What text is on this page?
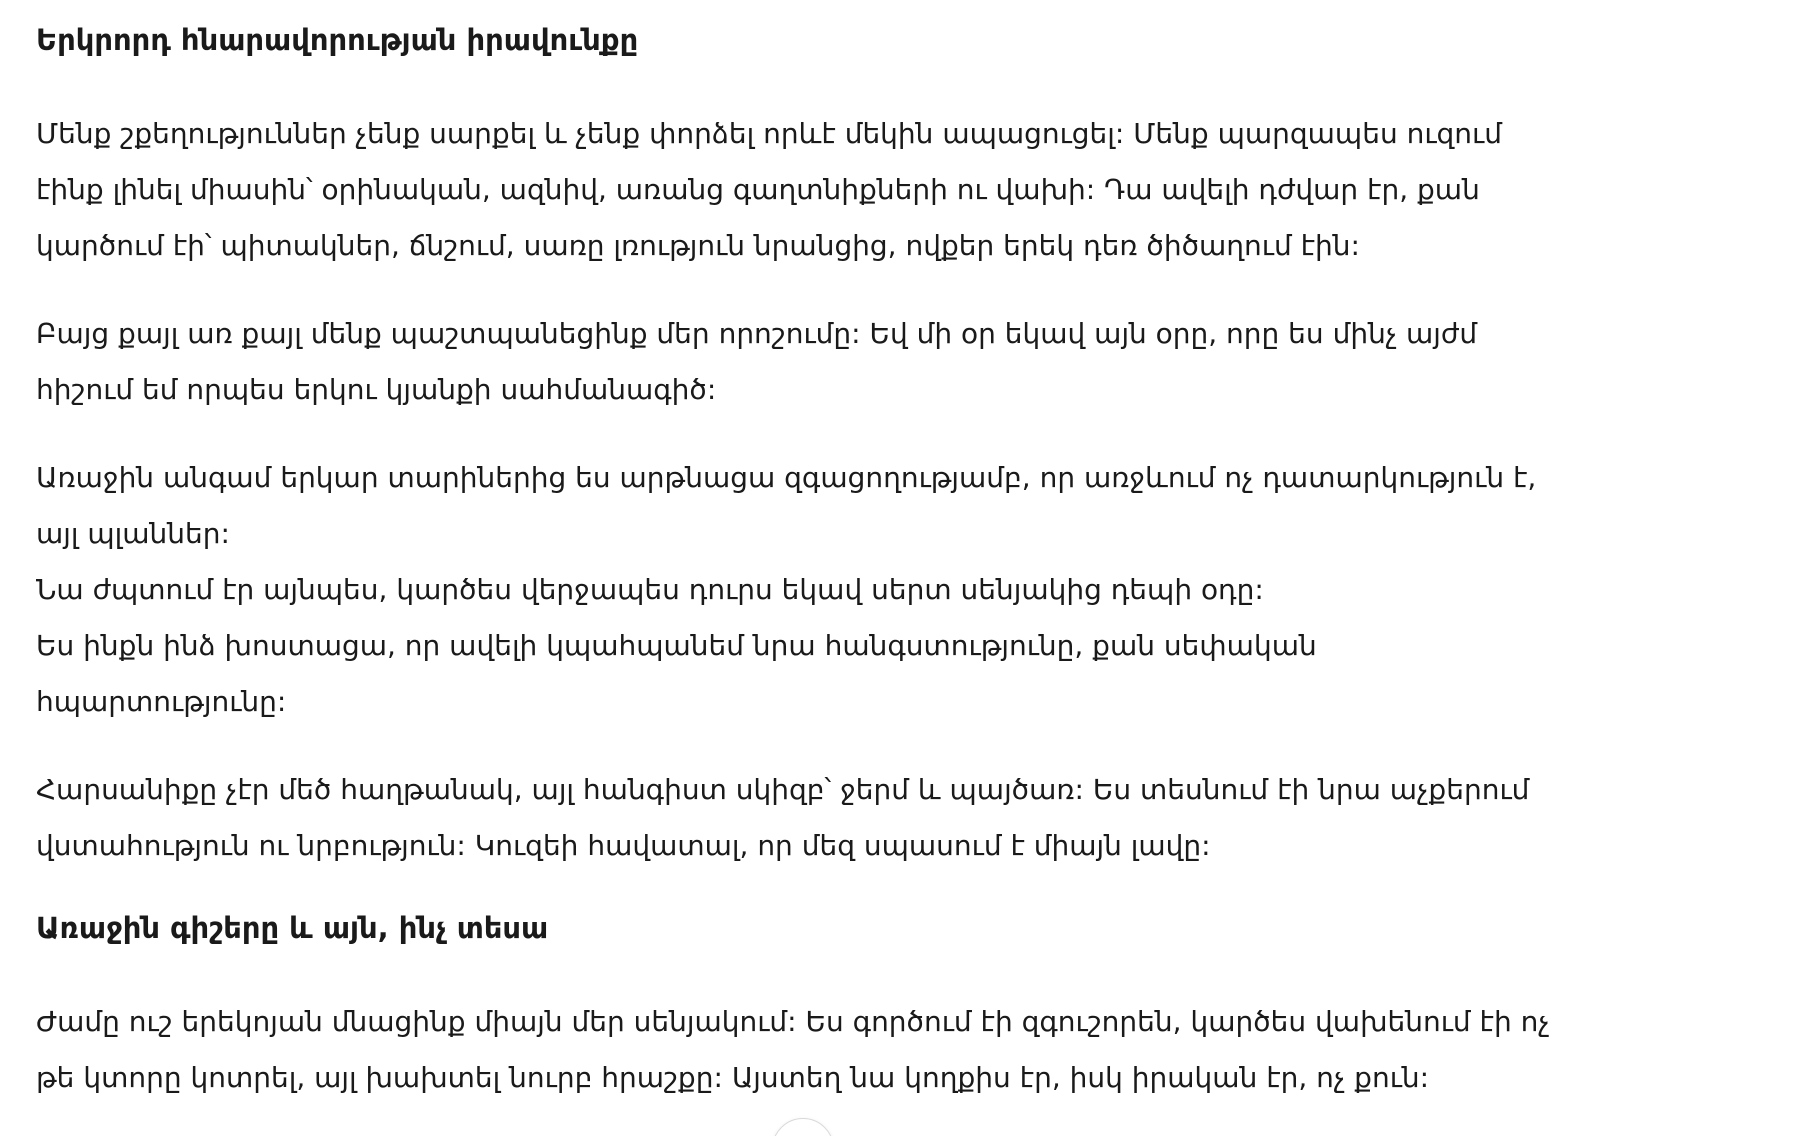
Երկրորդ հնարավորության իրավունքը

Մենք շքեղություններ չենք սարքել և չենք փորձել որևէ մեկին ապացուցել: Մենք պարզապես ուզում
էինք լինել միասին՝ օրինական, ազնիվ, առանց գաղտնիքների ու վախի: Դա ավելի դժվար էր, քան
կարծում էի՝ պիտակներ, ճնշում, սառը լռություն նրանցից, ովքեր երեկ դեռ ծիծաղում էին:

Բայց քայլ առ քայլ մենք պաշտպանեցինք մեր որոշումը: Եվ մի օր եկավ այն օրը, որը ես մինչ այժմ
հիշում եմ որպես երկու կյանքի սահմանագիծ:

Առաջին անգամ երկար տարիներից ես արթնացա զգացողությամբ, որ առջևում ոչ դատարկություն է,
այլ պլաններ:
Նա ժպտում էր այնպես, կարծես վերջապես դուրս եկավ սերտ սենյակից դեպի օդը:
Ես ինքն ինձ խոստացա, որ ավելի կպահպանեմ նրա հանգստությունը, քան սեփական
հպարտությունը:

Հարսանիքը չէր մեծ հաղթանակ, այլ հանգիստ սկիզբ՝ ջերմ և պայծառ: Ես տեսնում էի նրա աչքերում
վստահություն ու նրբություն: Կուզեի հավատալ, որ մեզ սպասում է միայն լավը:

Առաջին գիշերը և այն, ինչ տեսա

Ժամը ուշ երեկոյան մնացինք միայն մեր սենյակում: Ես գործում էի զգուշորեն, կարծես վախենում էի ոչ
թե կտորը կոտրել, այլ խախտել նուրբ հրաշքը: Այստեղ նա կողքիս էր, իսկ իրական էր, ոչ քուն:
